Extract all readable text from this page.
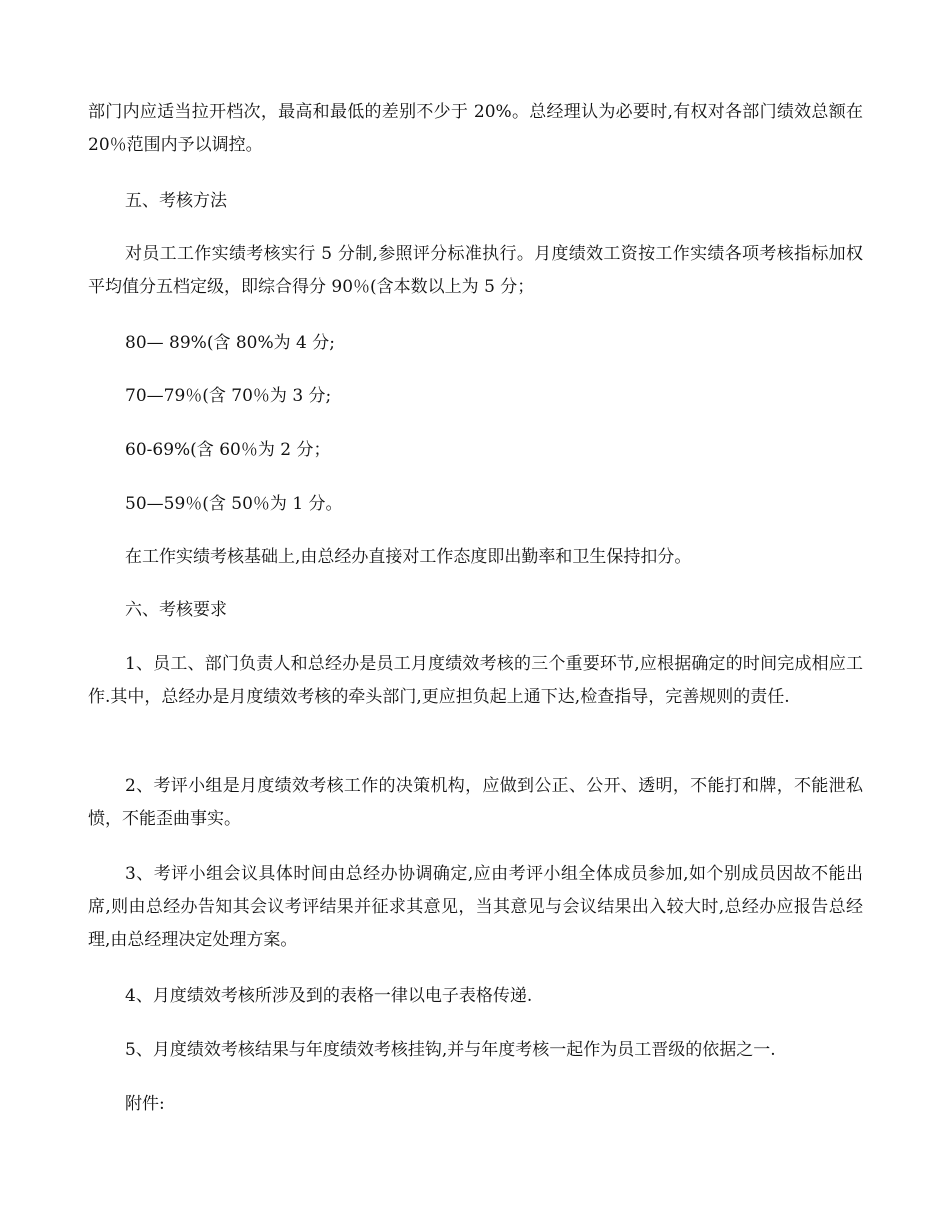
部门内应适当拉开档次，最高和最低的差别不少于 20%。总经理认为必要时,有权对各部门绩效总额在 20％范围内予以调控。

五、考核方法

对员工工作实绩考核实行 5 分制,参照评分标准执行。月度绩效工资按工作实绩各项考核指标加权平均值分五档定级，即综合得分 90％(含本数以上为 5 分；

80— 89%(含 80%为 4 分;

70—79％(含 70％为 3 分;

60-69%(含 60％为 2 分；

50—59％(含 50％为 1 分。

在工作实绩考核基础上,由总经办直接对工作态度即出勤率和卫生保持扣分。

六、考核要求

1、员工、部门负责人和总经办是员工月度绩效考核的三个重要环节,应根据确定的时间完成相应工作.其中，总经办是月度绩效考核的牵头部门,更应担负起上通下达,检查指导，完善规则的责任.

2、考评小组是月度绩效考核工作的决策机构，应做到公正、公开、透明，不能打和牌，不能泄私愤，不能歪曲事实。

3、考评小组会议具体时间由总经办协调确定,应由考评小组全体成员参加,如个别成员因故不能出席,则由总经办告知其会议考评结果并征求其意见，当其意见与会议结果出入较大时,总经办应报告总经理,由总经理决定处理方案。

4、月度绩效考核所涉及到的表格一律以电子表格传递.

5、月度绩效考核结果与年度绩效考核挂钩,并与年度考核一起作为员工晋级的依据之一.

附件:
